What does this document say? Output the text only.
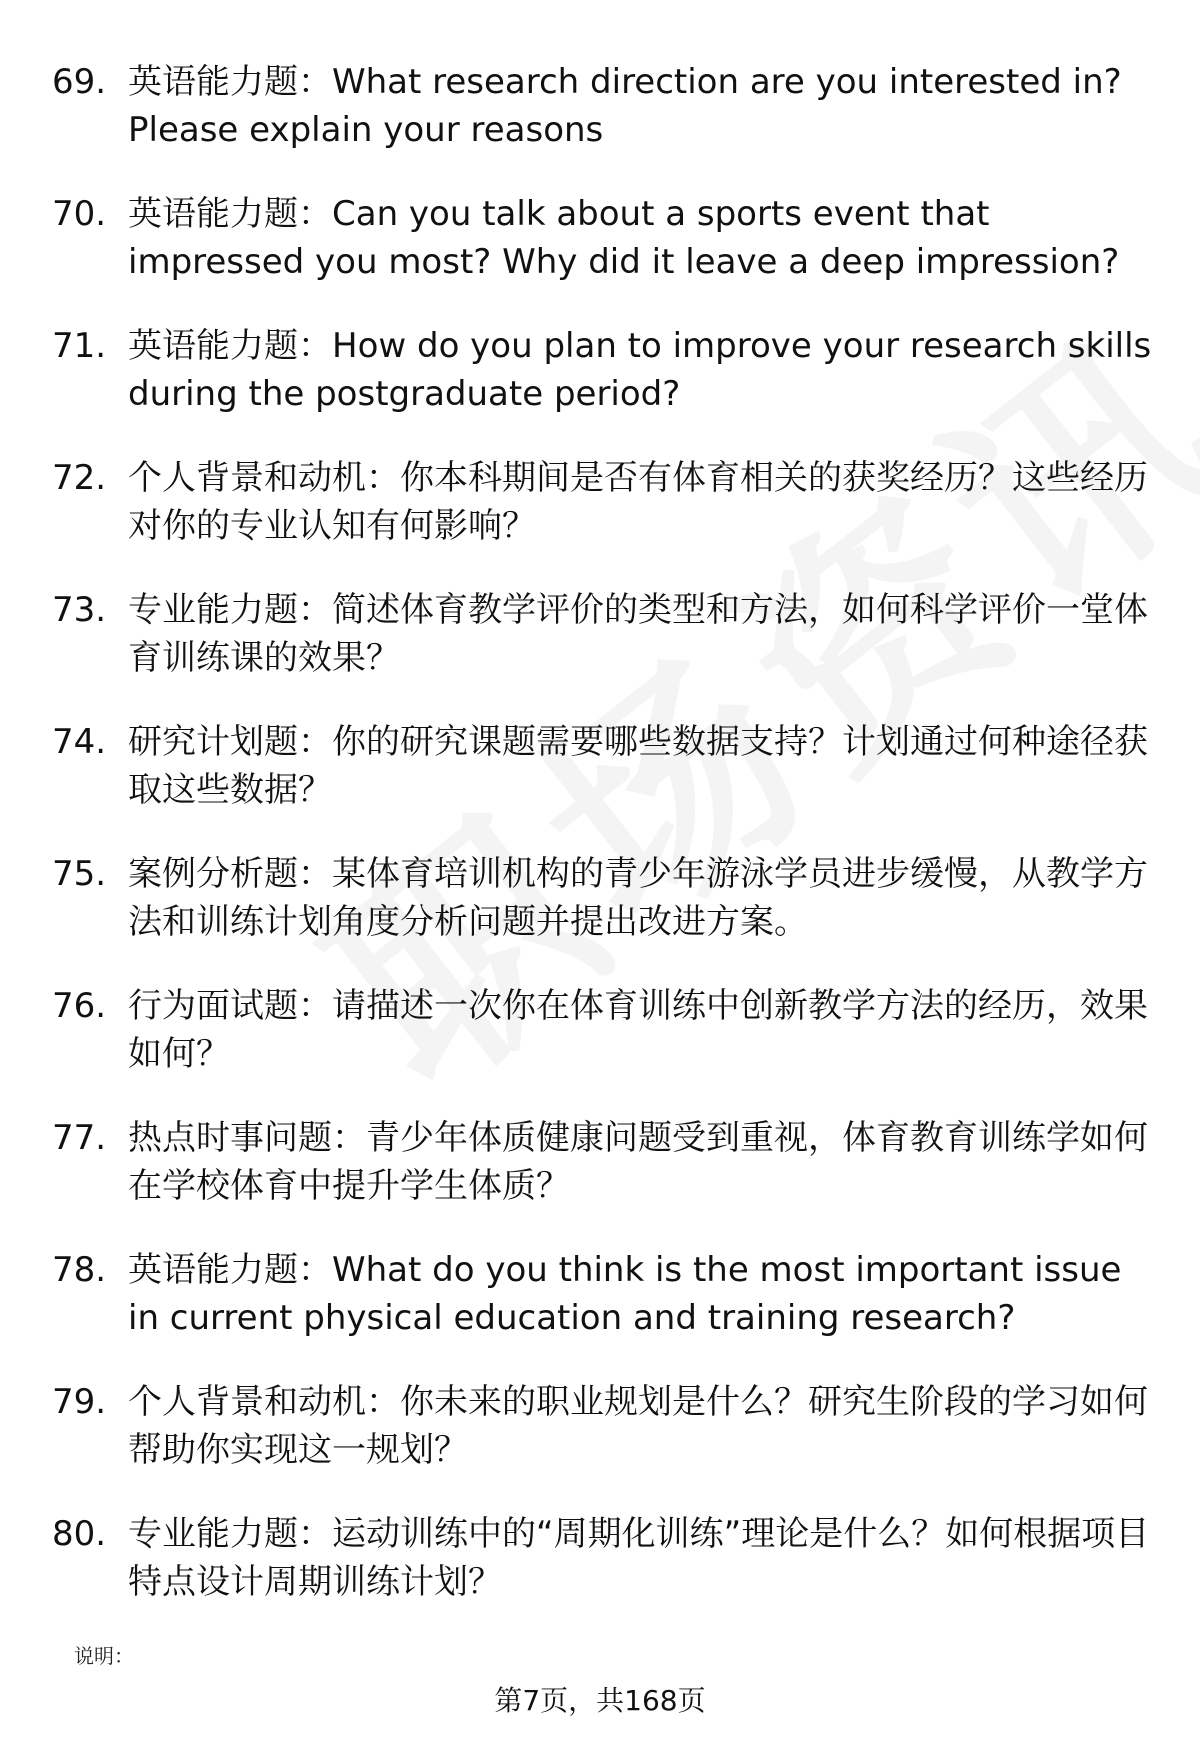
69. 英语能力题：What research direction are you interested in? Please explain your reasons
70. 英语能力题：Can you talk about a sports event that impressed you most? Why did it leave a deep impression?
71. 英语能力题：How do you plan to improve your research skills during the postgraduate period?
72. 个人背景和动机：你本科期间是否有体育相关的获奖经历？这些经历对你的专业认知有何影响？
73. 专业能力题：简述体育教学评价的类型和方法，如何科学评价一堂体育训练课的效果？
74. 研究计划题：你的研究课题需要哪些数据支持？计划通过何种途径获取这些数据？
75. 案例分析题：某体育培训机构的青少年游泳学员进步缓慢，从教学方法和训练计划角度分析问题并提出改进方案。
76. 行为面试题：请描述一次你在体育训练中创新教学方法的经历，效果如何？
77. 热点时事问题：青少年体质健康问题受到重视，体育教育训练学如何在学校体育中提升学生体质？
78. 英语能力题：What do you think is the most important issue in current physical education and training research?
79. 个人背景和动机：你未来的职业规划是什么？研究生阶段的学习如何帮助你实现这一规划？
80. 专业能力题：运动训练中的“周期化训练”理论是什么？如何根据项目特点设计周期训练计划？
说明：
第7页，共168页
